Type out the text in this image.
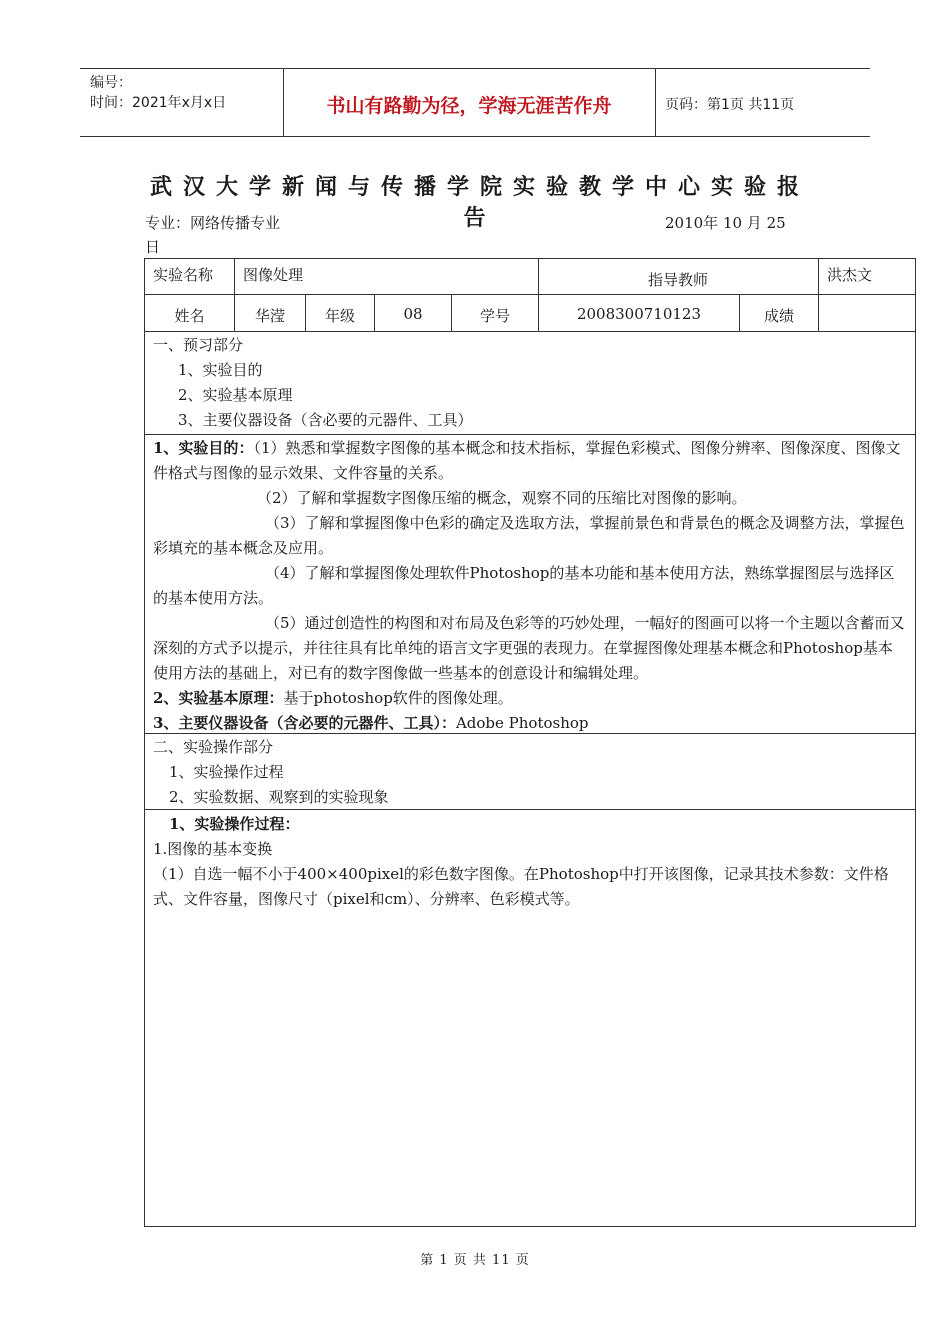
编号：
时间：2021年x月x日	书山有路勤为径，学海无涯苦作舟	页码：第1页 共11页
武汉大学新闻与传播学院实验教学中心实验报告
专业：网络传播专业	2010年 10 月 25
日
实验名称 图像处理	指导教师	洪杰文
姓名	华滢	年级	08	学号	2008300710123	成绩

一、预习部分

1、实验目的

2、实验基本原理

3、主要仪器设备（含必要的元器件、工具）

1、实验目的：（1）熟悉和掌握数字图像的基本概念和技术指标，掌握色彩模式、图像分辨率、图像深度、图像文件格式与图像的显示效果、文件容量的关系。

（2）了解和掌握数字图像压缩的概念，观察不同的压缩比对图像的影响。

（3）了解和掌握图像中色彩的确定及选取方法，掌握前景色和背景色的概念及调整方法，掌握色彩填充的基本概念及应用。

（4）了解和掌握图像处理软件Photoshop的基本功能和基本使用方法，熟练掌握图层与选择区的基本使用方法。

（5）通过创造性的构图和对布局及色彩等的巧妙处理，一幅好的图画可以将一个主题以含蓄而又深刻的方式予以提示，并往往具有比单纯的语言文字更强的表现力。在掌握图像处理基本概念和Photoshop基本使用方法的基础上，对已有的数字图像做一些基本的创意设计和编辑处理。

2、实验基本原理：基于photoshop软件的图像处理。

3、主要仪器设备（含必要的元器件、工具）：Adobe Photoshop

二、实验操作部分

1、实验操作过程

2、实验数据、观察到的实验现象

1、实验操作过程：

1.图像的基本变换

（1）自选一幅不小于400×400pixel的彩色数字图像。在Photoshop中打开该图像，记录其技术参数：文件格式、文件容量，图像尺寸（pixel和cm）、分辨率、色彩模式等。

第 1 页 共 11 页
